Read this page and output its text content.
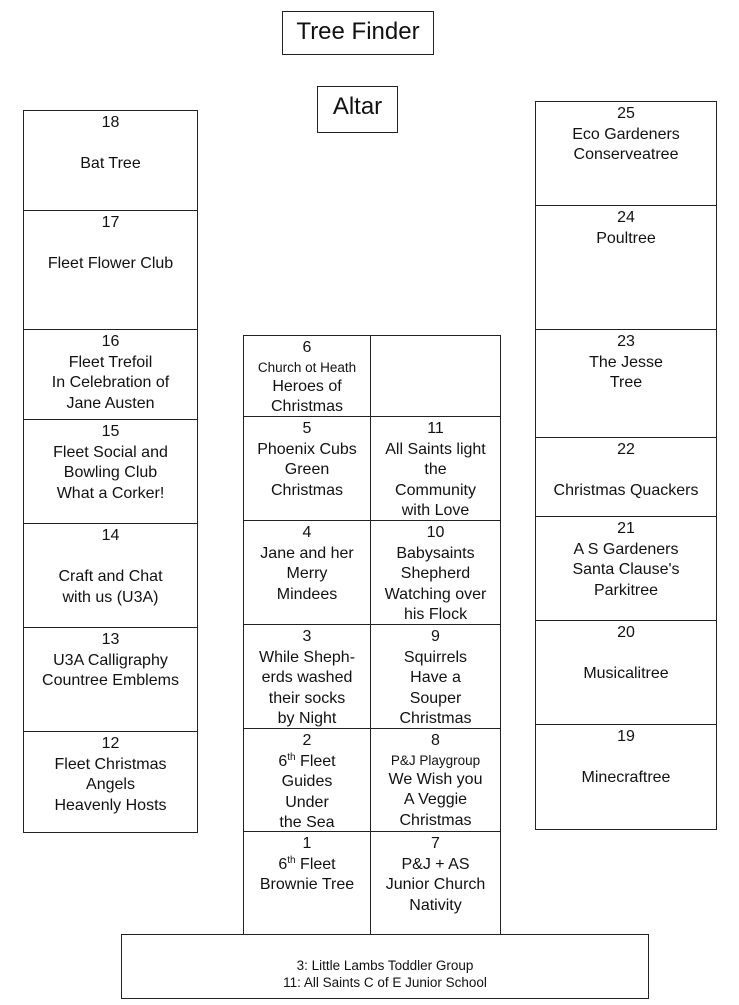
Tree Finder
Altar
18
Bat Tree
17
Fleet Flower Club
16
Fleet Trefoil
In Celebration of
Jane Austen
15
Fleet Social and
Bowling Club
What a Corker!
14
Craft and Chat
with us (U3A)
13
U3A Calligraphy
Countree Emblems
12
Fleet Christmas
Angels
Heavenly Hosts
25
Eco Gardeners
Conserveatree
24
Poultree
23
The Jesse
Tree
22
Christmas Quackers
21
A S Gardeners
Santa Clause's
Parkitree
20
Musicalitree
19
Minecraftree
6
Church ot Heath
Heroes of
Christmas
5
Phoenix Cubs
Green
Christmas
4
Jane and her
Merry
Mindees
3
While Sheph-
erds washed
their socks
by Night
2
6th Fleet
Guides
Under
the Sea
1
6th Fleet
Brownie Tree
11
All Saints light
the
Community
with Love
10
Babysaints
Shepherd
Watching over
his Flock
9
Squirrels
Have a
Souper
Christmas
8
P&J Playgroup
We Wish you
A Veggie
Christmas
7
P&J + AS
Junior Church
Nativity
3: Little Lambs Toddler Group
11: All Saints C of E Junior School
